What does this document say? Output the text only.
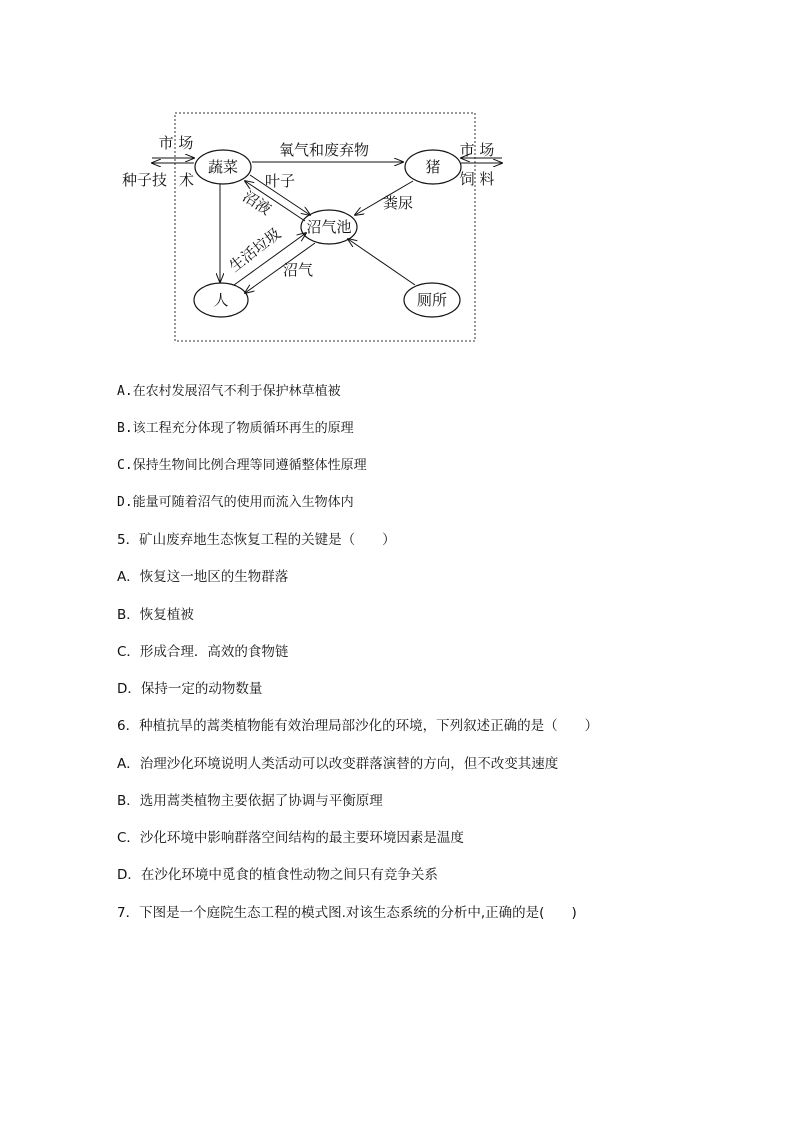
蔬菜	猪
沼气池
人	厕所
氧气和废弃物
粪尿
叶子
沼液
生活垃圾
沼气
市 场
种子技 术
市 场
饲 料
A.在农村发展沼气不利于保护林草植被
B.该工程充分体现了物质循环再生的原理
C.保持生物间比例合理等同遵循整体性原理
D.能量可随着沼气的使用而流入生物体内
5．矿山废弃地生态恢复工程的关键是（　　）
A．恢复这一地区的生物群落
B．恢复植被
C．形成合理．高效的食物链
D．保持一定的动物数量
6．种植抗旱的蒿类植物能有效治理局部沙化的环境，下列叙述正确的是（　　）
A．治理沙化环境说明人类活动可以改变群落演替的方向，但不改变其速度
B．选用蒿类植物主要依据了协调与平衡原理
C．沙化环境中影响群落空间结构的最主要环境因素是温度
D．在沙化环境中觅食的植食性动物之间只有竞争关系
7．下图是一个庭院生态工程的模式图.对该生态系统的分析中,正确的是(　　)
